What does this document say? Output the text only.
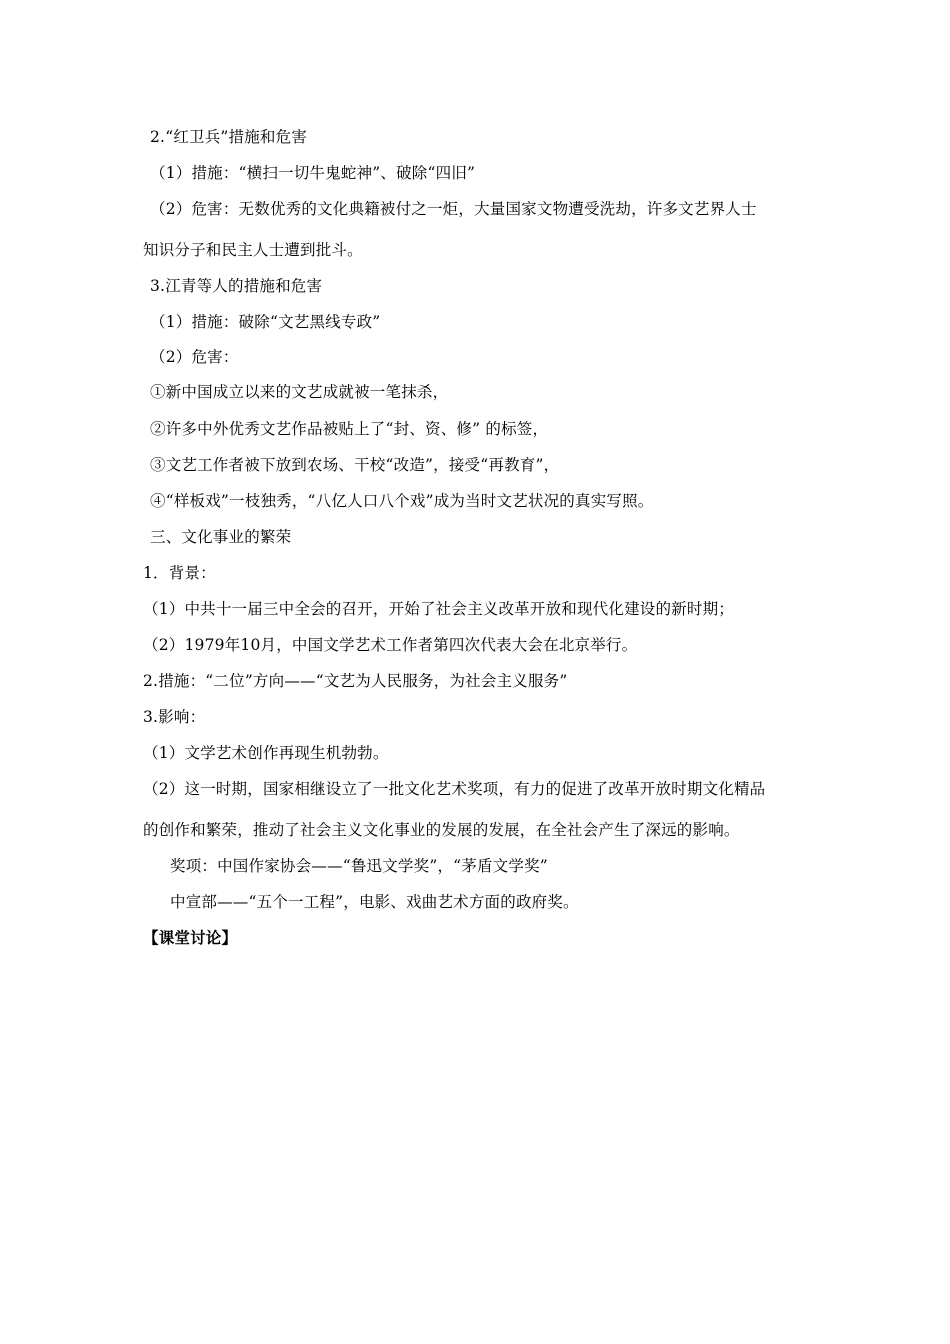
2.“红卫兵”措施和危害
（1）措施：“横扫一切牛鬼蛇神”、破除“四旧”
（2）危害：无数优秀的文化典籍被付之一炬，大量国家文物遭受洗劫，许多文艺界人士
知识分子和民主人士遭到批斗。
3.江青等人的措施和危害
（1）措施：破除“文艺黑线专政”
（2）危害：
①新中国成立以来的文艺成就被一笔抹杀，
②许多中外优秀文艺作品被贴上了“封、资、修” 的标签，
③文艺工作者被下放到农场、干校“改造”，接受“再教育”，
④“样板戏”一枝独秀，“八亿人口八个戏”成为当时文艺状况的真实写照。
三、文化事业的繁荣
1．背景：
（1）中共十一届三中全会的召开，开始了社会主义改革开放和现代化建设的新时期；
（2）1979年10月，中国文学艺术工作者第四次代表大会在北京举行。
2.措施：“二位”方向——“文艺为人民服务，为社会主义服务”
3.影响：
（1）文学艺术创作再现生机勃勃。
（2）这一时期，国家相继设立了一批文化艺术奖项，有力的促进了改革开放时期文化精品
的创作和繁荣，推动了社会主义文化事业的发展的发展，在全社会产生了深远的影响。
奖项：中国作家协会——“鲁迅文学奖”，“茅盾文学奖”
中宣部——“五个一工程”，电影、戏曲艺术方面的政府奖。
【课堂讨论】
